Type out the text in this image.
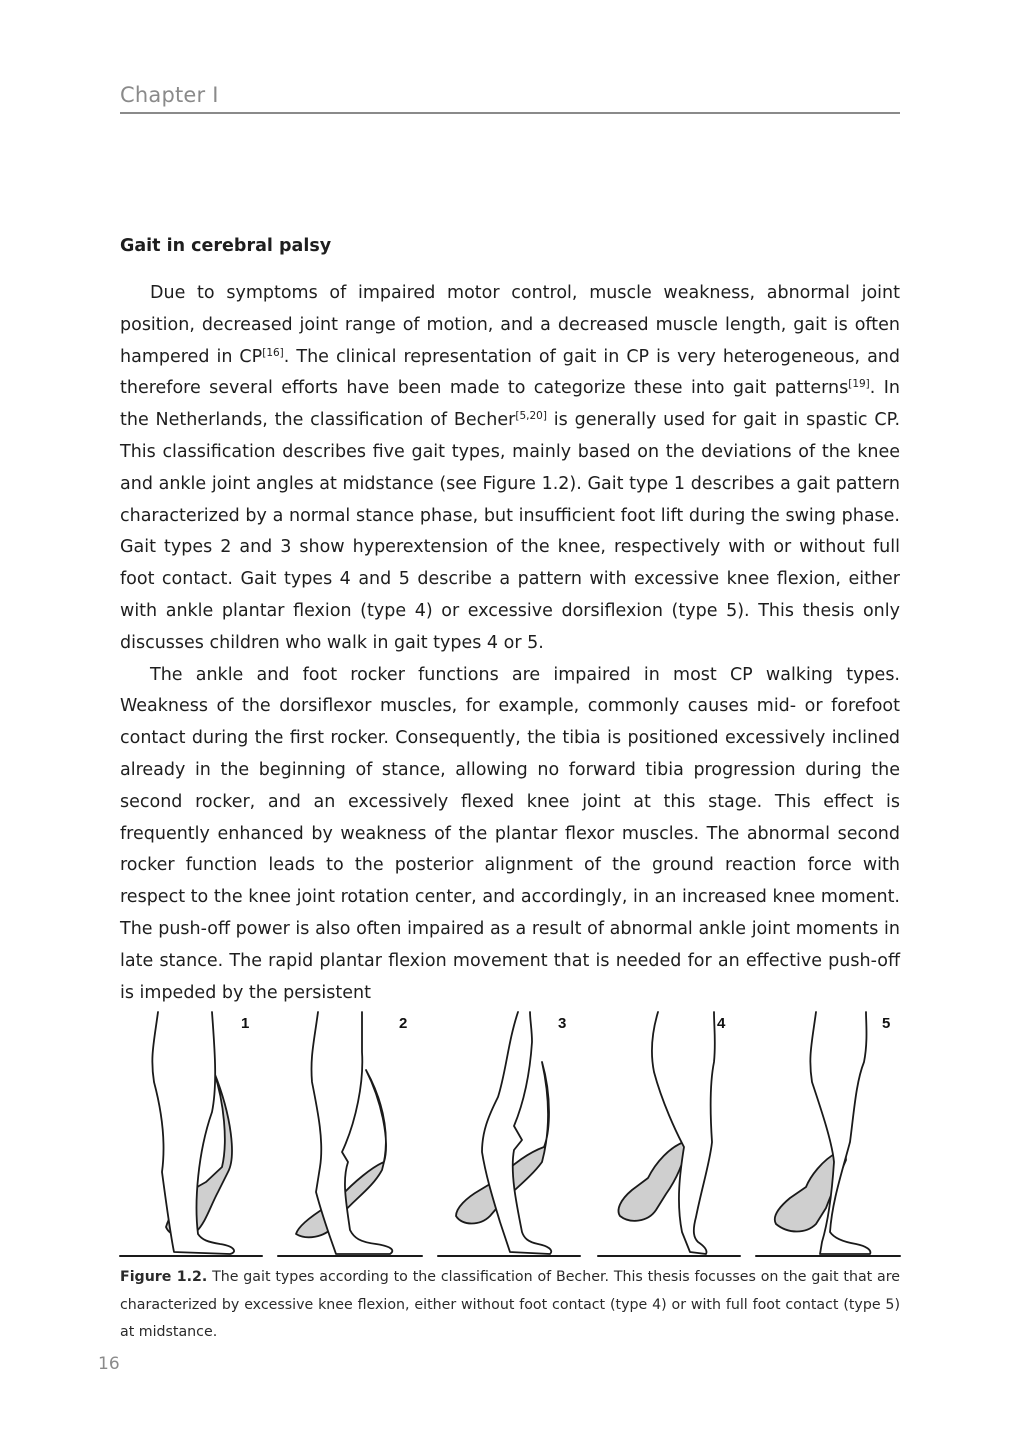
Chapter I
Gait in cerebral palsy

Due to symptoms of impaired motor control, muscle weakness, abnormal joint position, decreased joint range of motion, and a decreased muscle length, gait is often hampered in CP[16]. The clinical representation of gait in CP is very heterogeneous, and therefore several efforts have been made to categorize these into gait patterns[19]. In the Netherlands, the classification of Becher[5,20] is generally used for gait in spastic CP. This classification describes five gait types, mainly based on the deviations of the knee and ankle joint angles at midstance (see Figure 1.2). Gait type 1 describes a gait pattern characterized by a normal stance phase, but insufficient foot lift during the swing phase. Gait types 2 and 3 show hyperextension of the knee, respectively with or without full foot contact. Gait types 4 and 5 describe a pattern with excessive knee flexion, either with ankle plantar flexion (type 4) or excessive dorsiflexion (type 5). This thesis only discusses children who walk in gait types 4 or 5.

The ankle and foot rocker functions are impaired in most CP walking types. Weakness of the dorsiflexor muscles, for example, commonly causes mid- or forefoot contact during the first rocker. Consequently, the tibia is positioned excessively inclined already in the beginning of stance, allowing no forward tibia progression during the second rocker, and an excessively flexed knee joint at this stage. This effect is frequently enhanced by weakness of the plantar flexor muscles. The abnormal second rocker function leads to the posterior alignment of the ground reaction force with respect to the knee joint rotation center, and accordingly, in an increased knee moment. The push-off power is also often impaired as a result of abnormal ankle joint moments in late stance. The rapid plantar flexion movement that is needed for an effective push-off is impeded by the persistent

1	2	3	4	5
Figure 1.2. The gait types according to the classification of Becher. This thesis focusses on the gait that are characterized by excessive knee flexion, either without foot contact (type 4) or with full foot contact (type 5) at midstance.
16
